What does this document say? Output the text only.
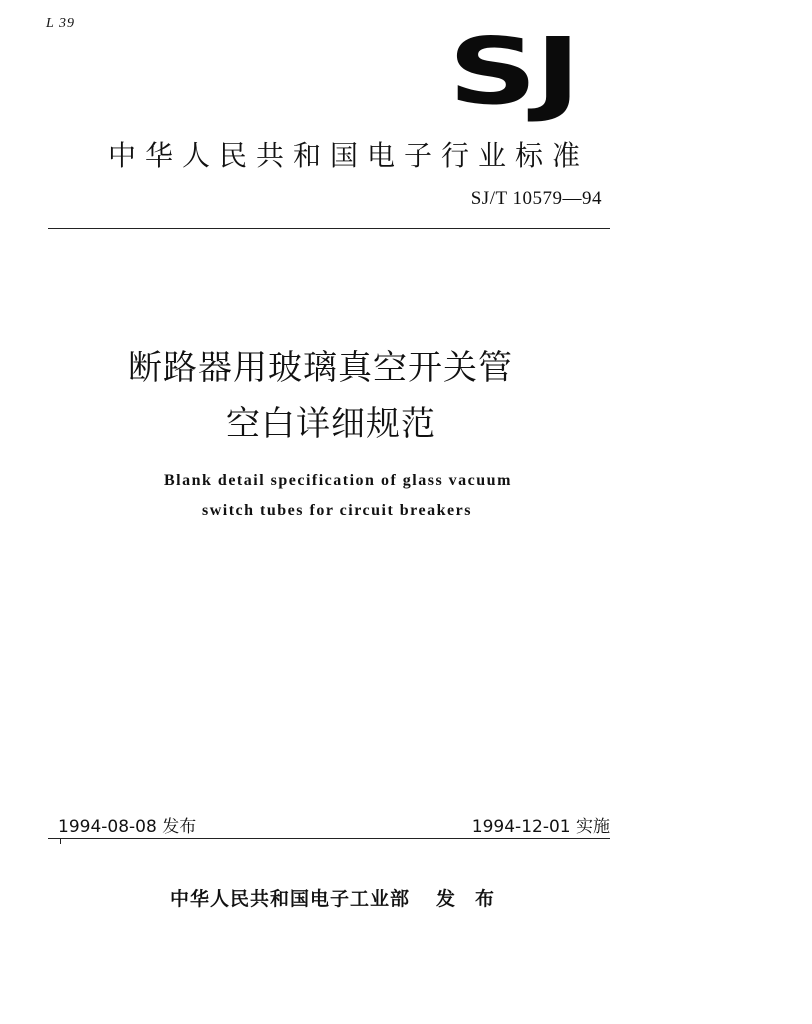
L 39	SJ
中华人民共和国电子行业标准
SJ/T 10579—94
断路器用玻璃真空开关管
空白详细规范
Blank detail specification of glass vacuum
switch tubes for circuit breakers
1994-08-08 发布	1994-12-01 实施
中华人民共和国电子工业部 发布
